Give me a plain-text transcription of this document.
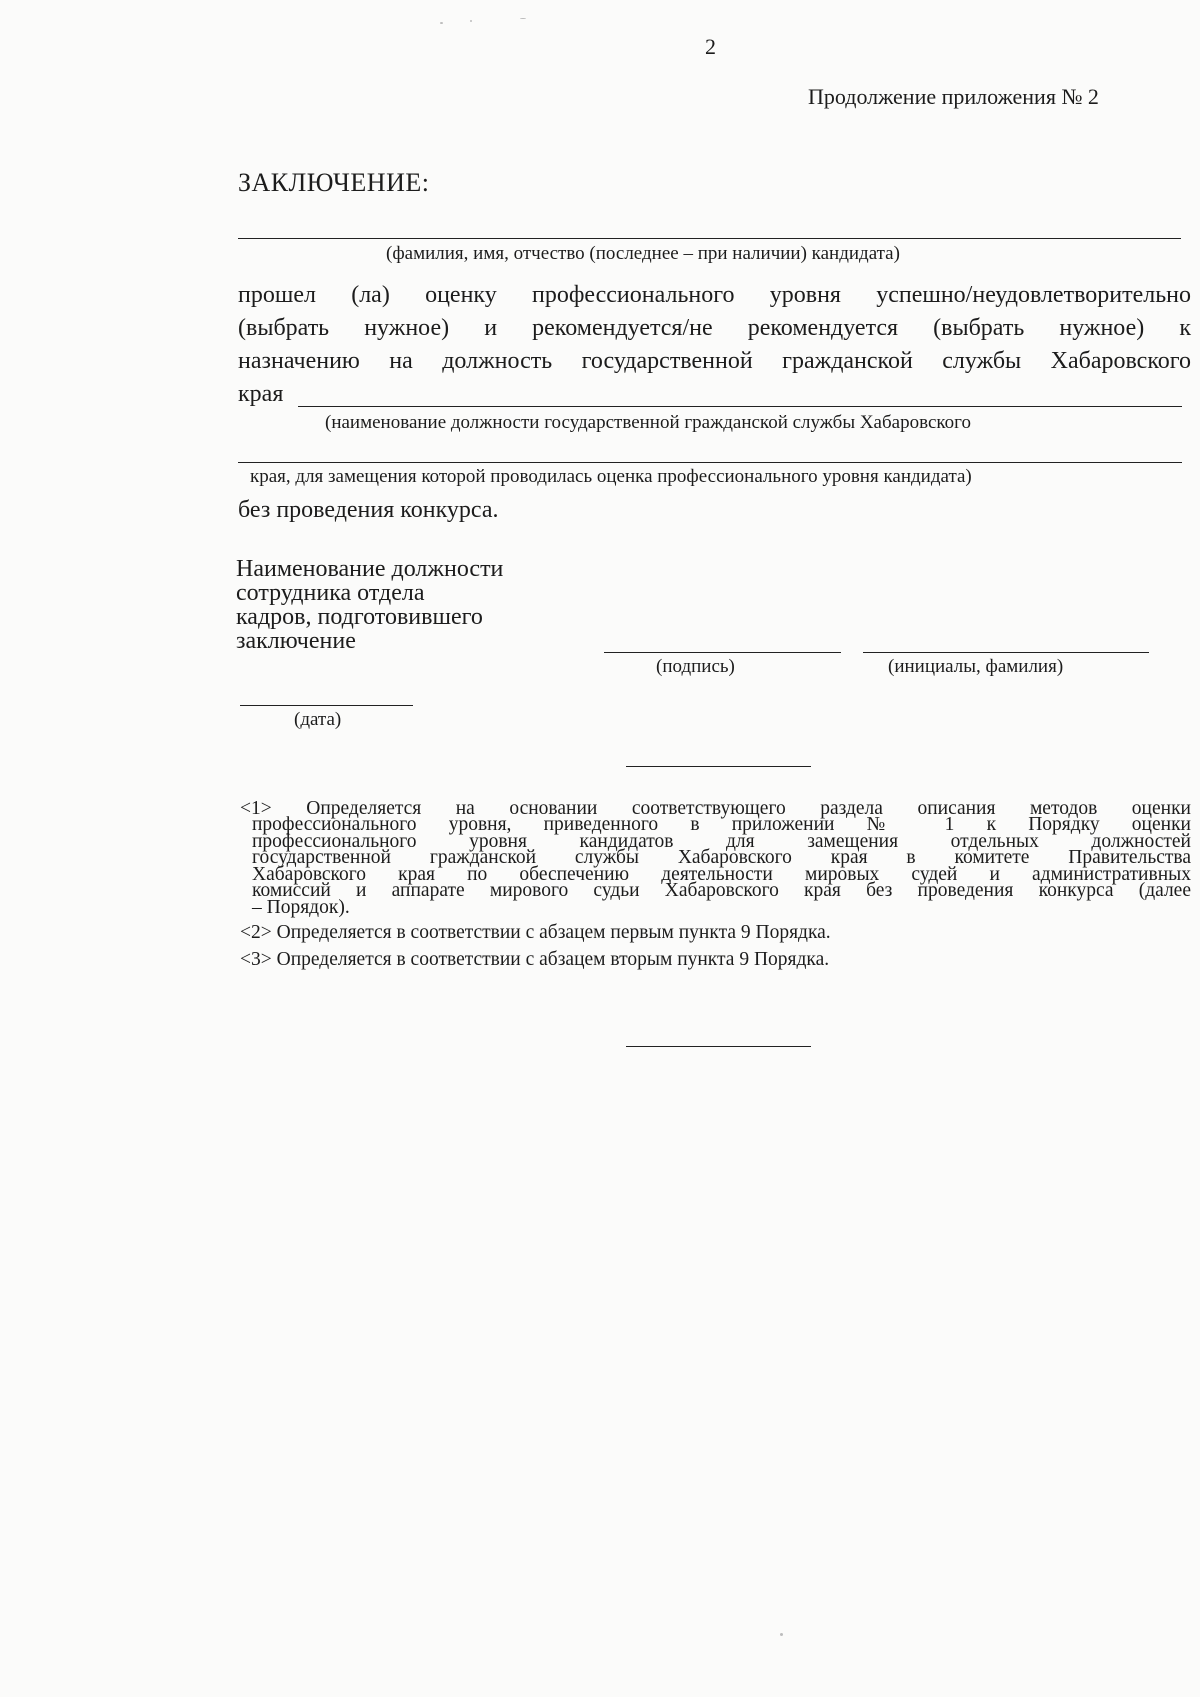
2
Продолжение приложения № 2
ЗАКЛЮЧЕНИЕ:
(фамилия, имя, отчество (последнее – при наличии) кандидата)
прошел (ла) оценку профессионального уровня успешно/неудовлетворительно
(выбрать нужное) и рекомендуется/не рекомендуется (выбрать нужное) к
назначению на должность государственной гражданской службы Хабаровского
края
(наименование должности государственной гражданской службы Хабаровского
края, для замещения которой проводилась оценка профессионального уровня кандидата)
без проведения конкурса.
Наименование должности
сотрудника отдела
кадров, подготовившего
заключение
(подпись)	(инициалы, фамилия)
(дата)
<1> Определяется на основании соответствующего раздела описания методов оценки
профессионального уровня, приведенного в приложении № 1 к Порядку оценки
профессионального уровня кандидатов для замещения отдельных должностей
государственной гражданской службы Хабаровского края в комитете Правительства
Хабаровского края по обеспечению деятельности мировых судей и административных
комиссий и аппарате мирового судьи Хабаровского края без проведения конкурса (далее
– Порядок).
<2> Определяется в соответствии с абзацем первым пункта 9 Порядка.
<3> Определяется в соответствии с абзацем вторым пункта 9 Порядка.
